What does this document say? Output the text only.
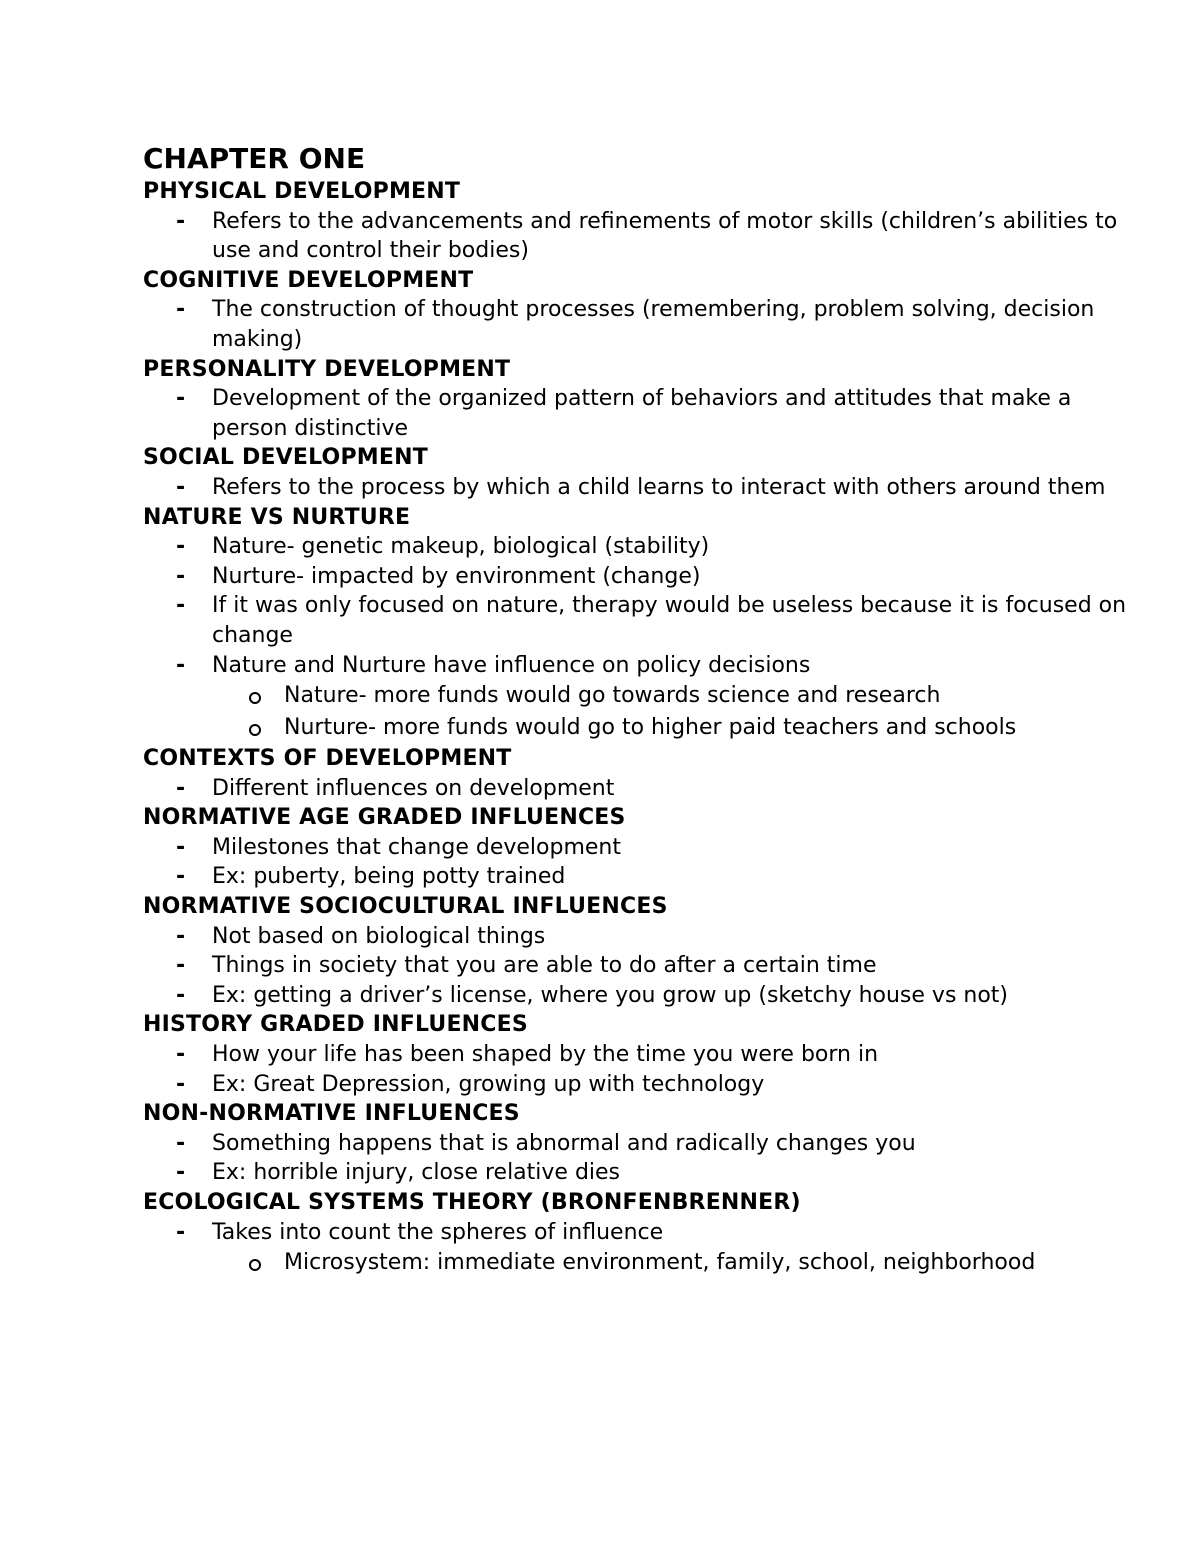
CHAPTER ONE
PHYSICAL DEVELOPMENT
- Refers to the advancements and refinements of motor skills (children’s abilities to use and control their bodies)
COGNITIVE DEVELOPMENT
- The construction of thought processes (remembering, problem solving, decision making)
PERSONALITY DEVELOPMENT
- Development of the organized pattern of behaviors and attitudes that make a person distinctive
SOCIAL DEVELOPMENT
- Refers to the process by which a child learns to interact with others around them
NATURE VS NURTURE
- Nature- genetic makeup, biological (stability)
- Nurture- impacted by environment (change)
- If it was only focused on nature, therapy would be useless because it is focused on change
- Nature and Nurture have influence on policy decisions
Nature- more funds would go towards science and research
Nurture- more funds would go to higher paid teachers and schools
CONTEXTS OF DEVELOPMENT
- Different influences on development
NORMATIVE AGE GRADED INFLUENCES
- Milestones that change development
- Ex: puberty, being potty trained
NORMATIVE SOCIOCULTURAL INFLUENCES
- Not based on biological things
- Things in society that you are able to do after a certain time
- Ex: getting a driver’s license, where you grow up (sketchy house vs not)
HISTORY GRADED INFLUENCES
- How your life has been shaped by the time you were born in
- Ex: Great Depression, growing up with technology
NON-NORMATIVE INFLUENCES
- Something happens that is abnormal and radically changes you
- Ex: horrible injury, close relative dies
ECOLOGICAL SYSTEMS THEORY (BRONFENBRENNER)
- Takes into count the spheres of influence
Microsystem: immediate environment, family, school, neighborhood
